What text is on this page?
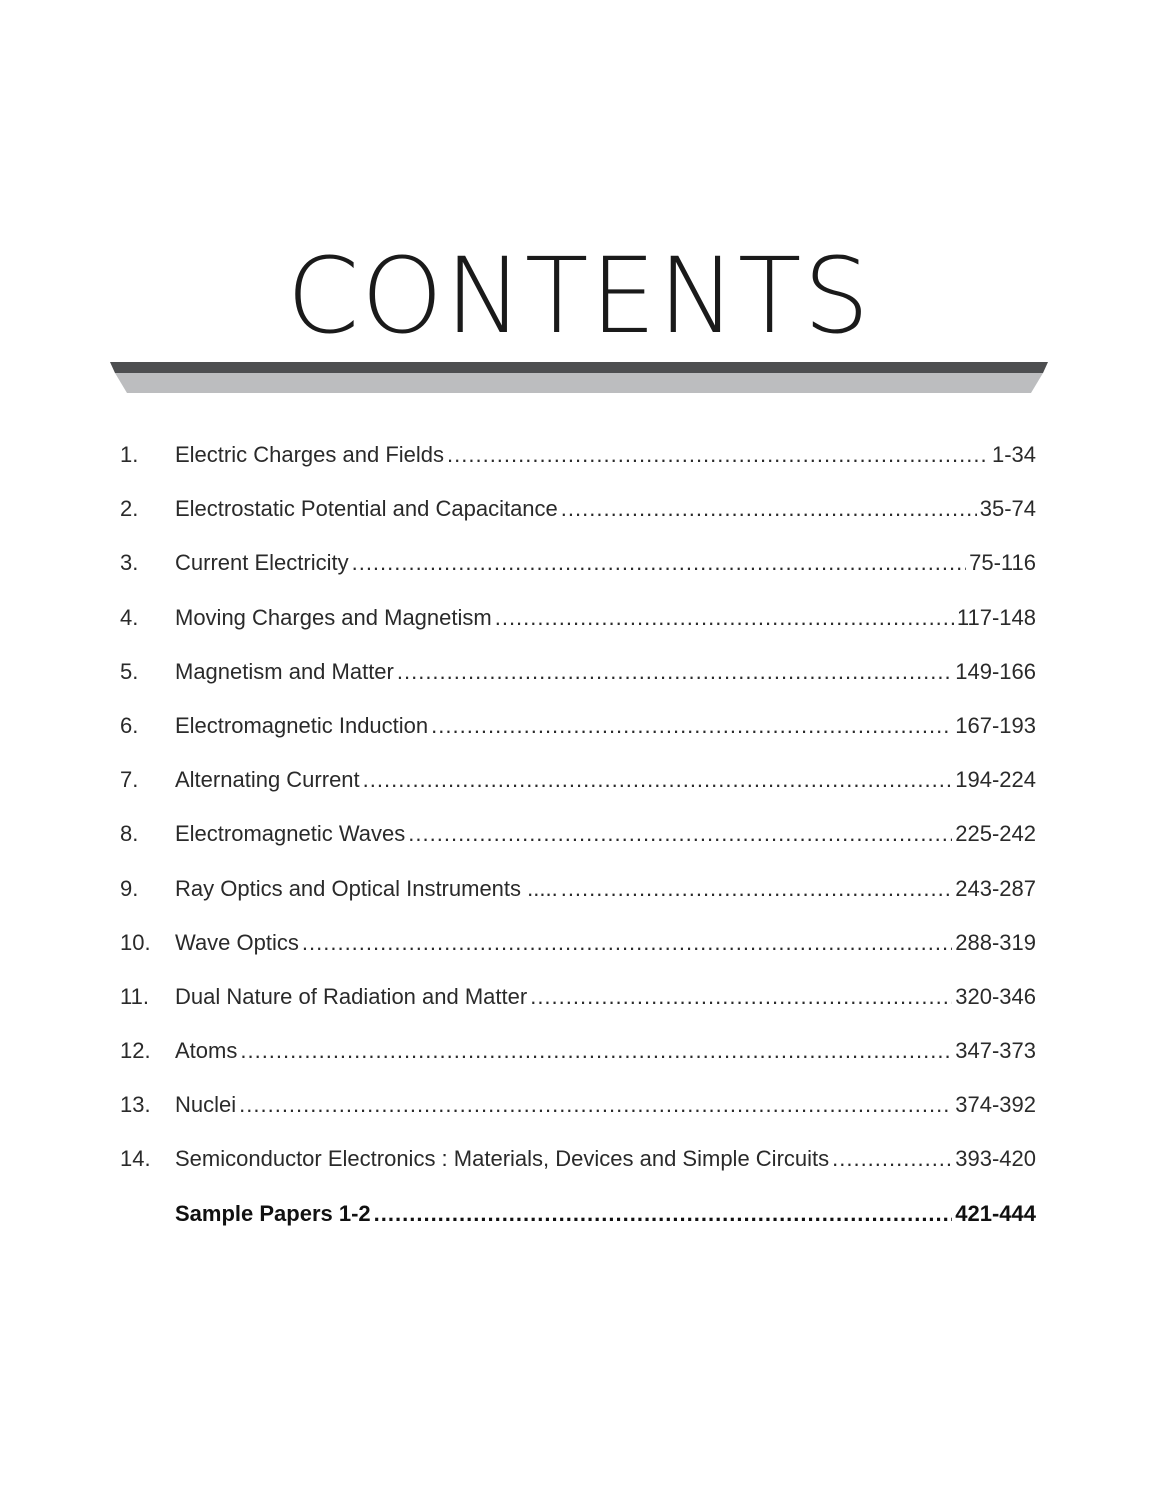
CONTENTS
1.	Electric Charges and Fields .....	1-34
2.	Electrostatic Potential and Capacitance .....	35-74
3.	Current Electricity .....	75-116
4.	Moving Charges and Magnetism .....	117-148
5.	Magnetism and Matter .....	149-166
6.	Electromagnetic Induction .....	167-193
7.	Alternating Current .....	194-224
8.	Electromagnetic Waves .....	225-242
9.	Ray Optics and Optical Instruments ..... .....	243-287
10.	Wave Optics .....	288-319
11.	Dual Nature of Radiation and Matter .....	320-346
12.	Atoms .....	347-373
13.	Nuclei .....	374-392
14.	Semiconductor Electronics : Materials, Devices and Simple Circuits .....	393-420
Sample Papers 1-2 .....	421-444
